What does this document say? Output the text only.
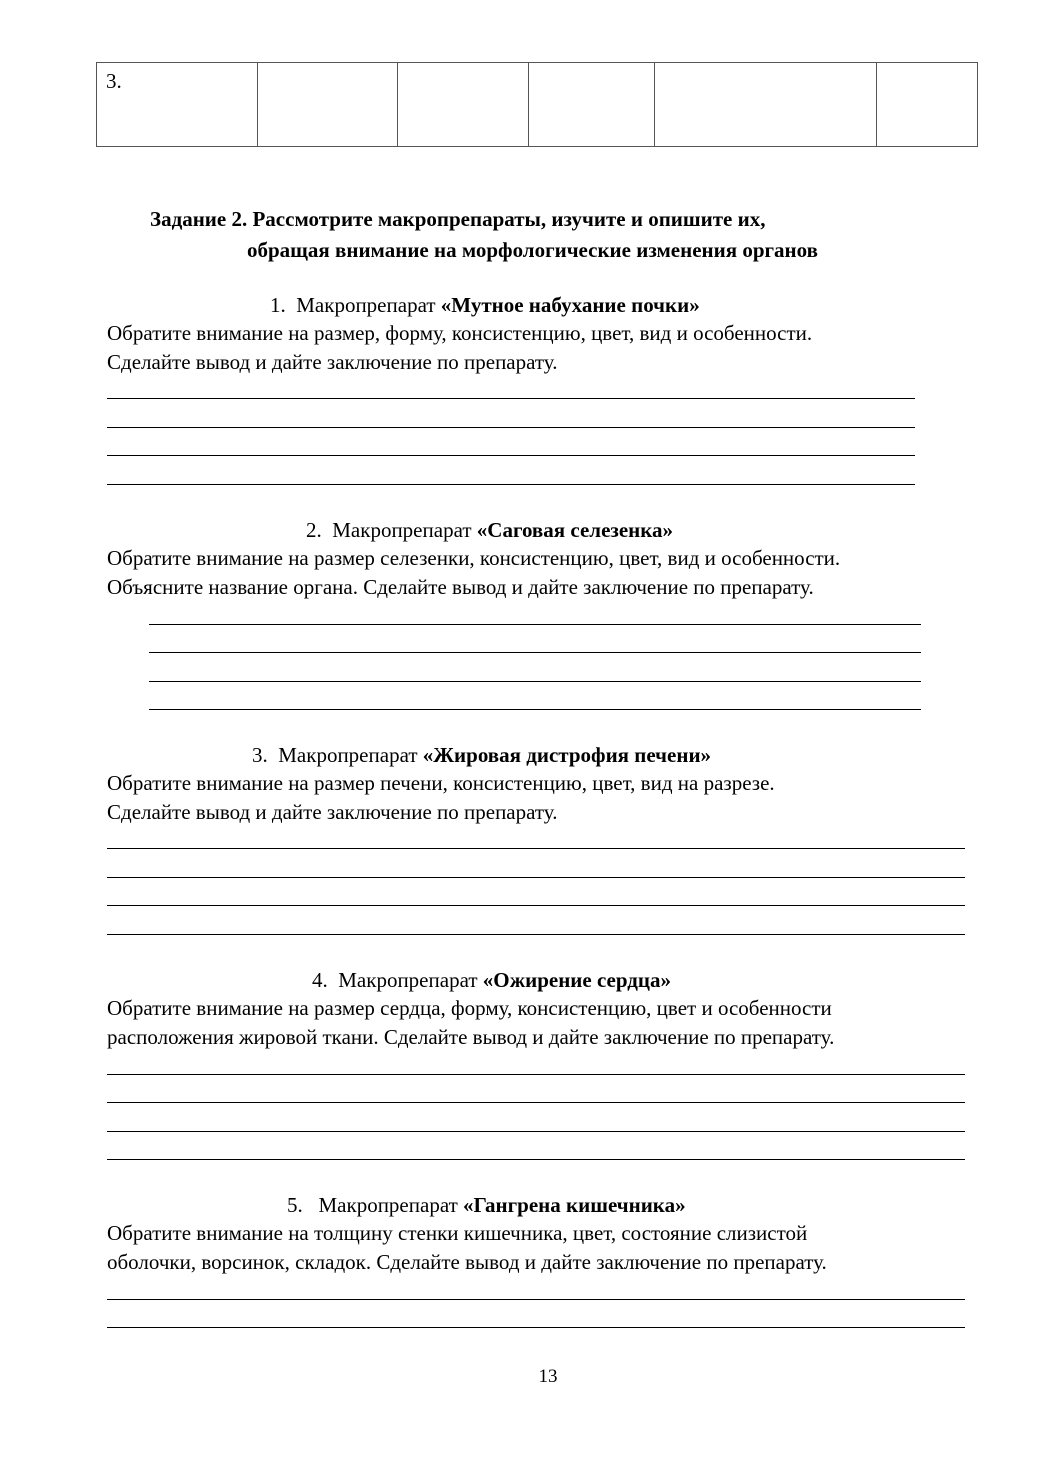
3.					
Задание 2. Рассмотрите макропрепараты, изучите и опишите их,
обращая внимание на морфологические изменения органов
1. Макропрепарат «Мутное набухание почки»
Обратите внимание на размер, форму, консистенцию, цвет, вид и особенности.
Сделайте вывод и дайте заключение по препарату.
2. Макропрепарат «Саговая селезенка»
Обратите внимание на размер селезенки, консистенцию, цвет, вид и особенности.
Объясните название органа. Сделайте вывод и дайте заключение по препарату.
3. Макропрепарат «Жировая дистрофия печени»
Обратите внимание на размер печени, консистенцию, цвет, вид на разрезе.
Сделайте вывод и дайте заключение по препарату.
4. Макропрепарат «Ожирение сердца»
Обратите внимание на размер сердца, форму, консистенцию, цвет и особенности
расположения жировой ткани. Сделайте вывод и дайте заключение по препарату.
5. Макропрепарат «Гангрена кишечника»
Обратите внимание на толщину стенки кишечника, цвет, состояние слизистой
оболочки, ворсинок, складок. Сделайте вывод и дайте заключение по препарату.
13
